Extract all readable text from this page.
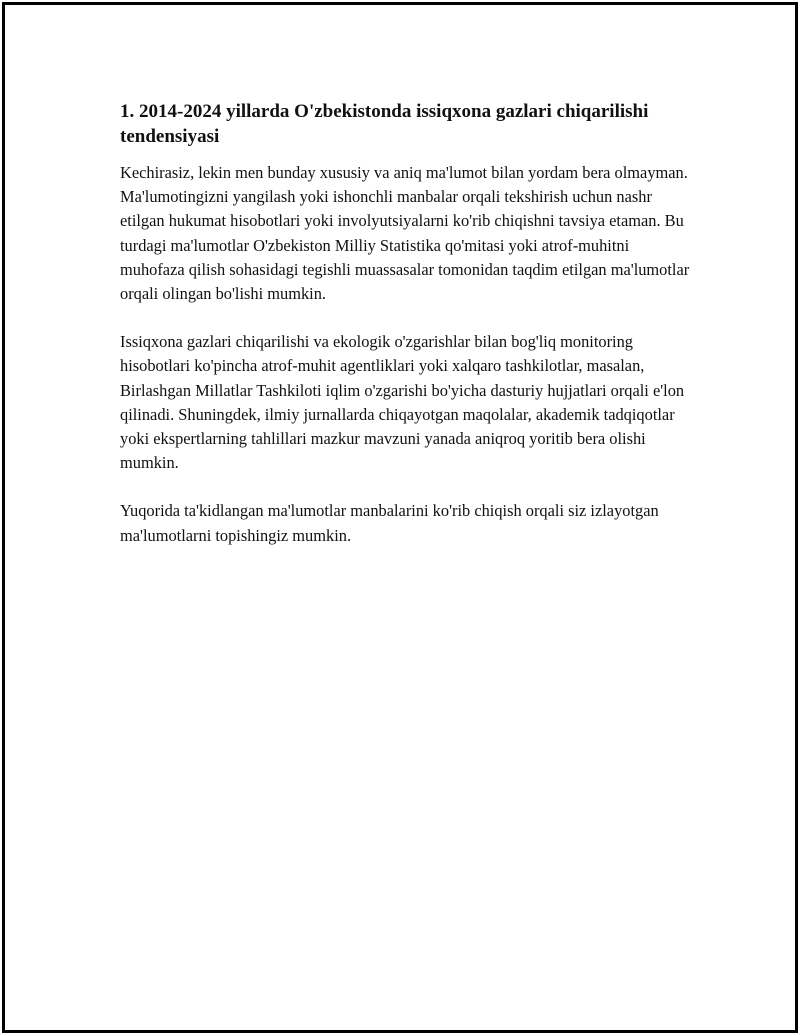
1. 2014-2024 yillarda O'zbekistonda issiqxona gazlari chiqarilishi tendensiyasi

Kechirasiz, lekin men bunday xususiy va aniq ma'lumot bilan yordam bera olmayman. Ma'lumotingizni yangilash yoki ishonchli manbalar orqali tekshirish uchun nashr etilgan hukumat hisobotlari yoki involyutsiyalarni ko'rib chiqishni tavsiya etaman. Bu turdagi ma'lumotlar O'zbekiston Milliy Statistika qo'mitasi yoki atrof-muhitni muhofaza qilish sohasidagi tegishli muassasalar tomonidan taqdim etilgan ma'lumotlar orqali olingan bo'lishi mumkin.

Issiqxona gazlari chiqarilishi va ekologik o'zgarishlar bilan bog'liq monitoring hisobotlari ko'pincha atrof-muhit agentliklari yoki xalqaro tashkilotlar, masalan, Birlashgan Millatlar Tashkiloti iqlim o'zgarishi bo'yicha dasturiy hujjatlari orqali e'lon qilinadi. Shuningdek, ilmiy jurnallarda chiqayotgan maqolalar, akademik tadqiqotlar yoki ekspertlarning tahlillari mazkur mavzuni yanada aniqroq yoritib bera olishi mumkin.

Yuqorida ta'kidlangan ma'lumotlar manbalarini ko'rib chiqish orqali siz izlayotgan ma'lumotlarni topishingiz mumkin.
